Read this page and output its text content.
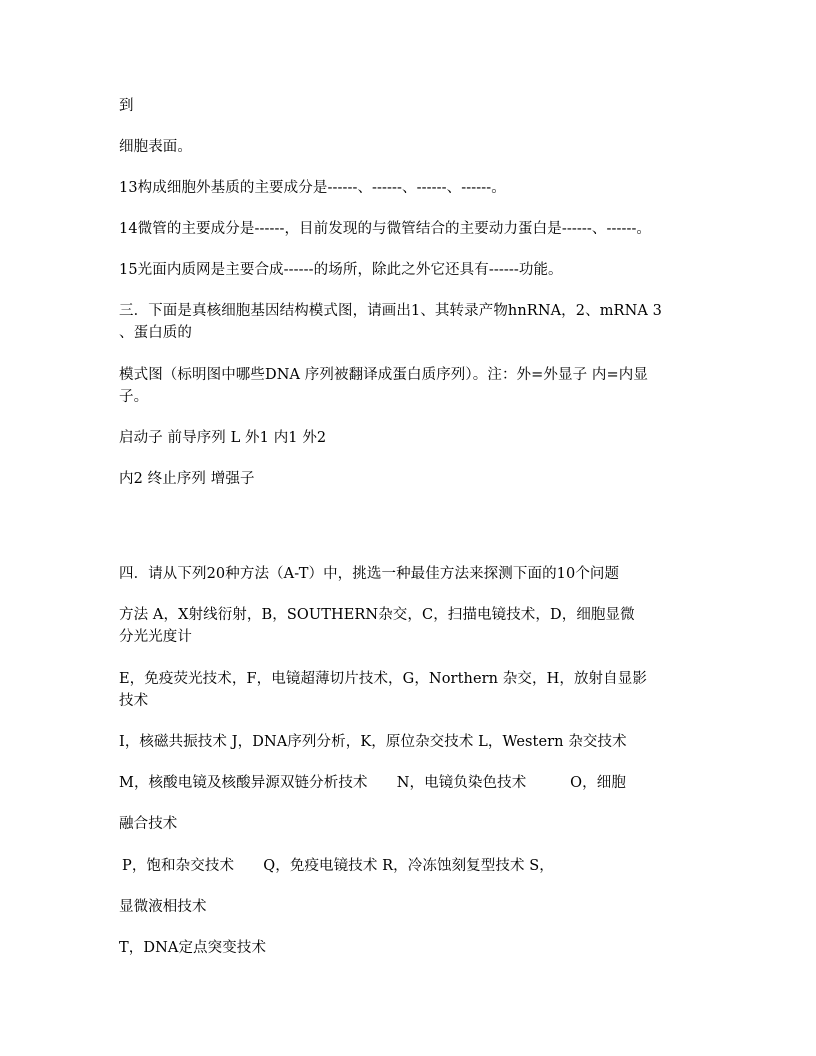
到
细胞表面。
13构成细胞外基质的主要成分是------、------、------、------。
14微管的主要成分是------，目前发现的与微管结合的主要动力蛋白是------、------。
15光面内质网是主要合成------的场所，除此之外它还具有------功能。
三．下面是真核细胞基因结构模式图，请画出1、其转录产物hnRNA，2、mRNA 3
、蛋白质的
模式图（标明图中哪些DNA 序列被翻译成蛋白质序列）。注：外=外显子 内=内显
子。
启动子 前导序列 L 外1 内1 外2
内2 终止序列 增强子
四．请从下列20种方法（A-T）中，挑选一种最佳方法来探测下面的10个问题
方法 A，X射线衍射，B，SOUTHERN杂交，C，扫描电镜技术，D，细胞显微
分光光度计
E，免疫荧光技术，F，电镜超薄切片技术，G，Northern 杂交，H，放射自显影
技术
I，核磁共振技术 J，DNA序列分析，K，原位杂交技术 L，Western 杂交技术
M，核酸电镜及核酸异源双链分析技术　　N，电镜负染色技术　　　O，细胞
融合技术
P，饱和杂交技术　　Q，免疫电镜技术 R，冷冻蚀刻复型技术 S，
显微液相技术
T，DNA定点突变技术
